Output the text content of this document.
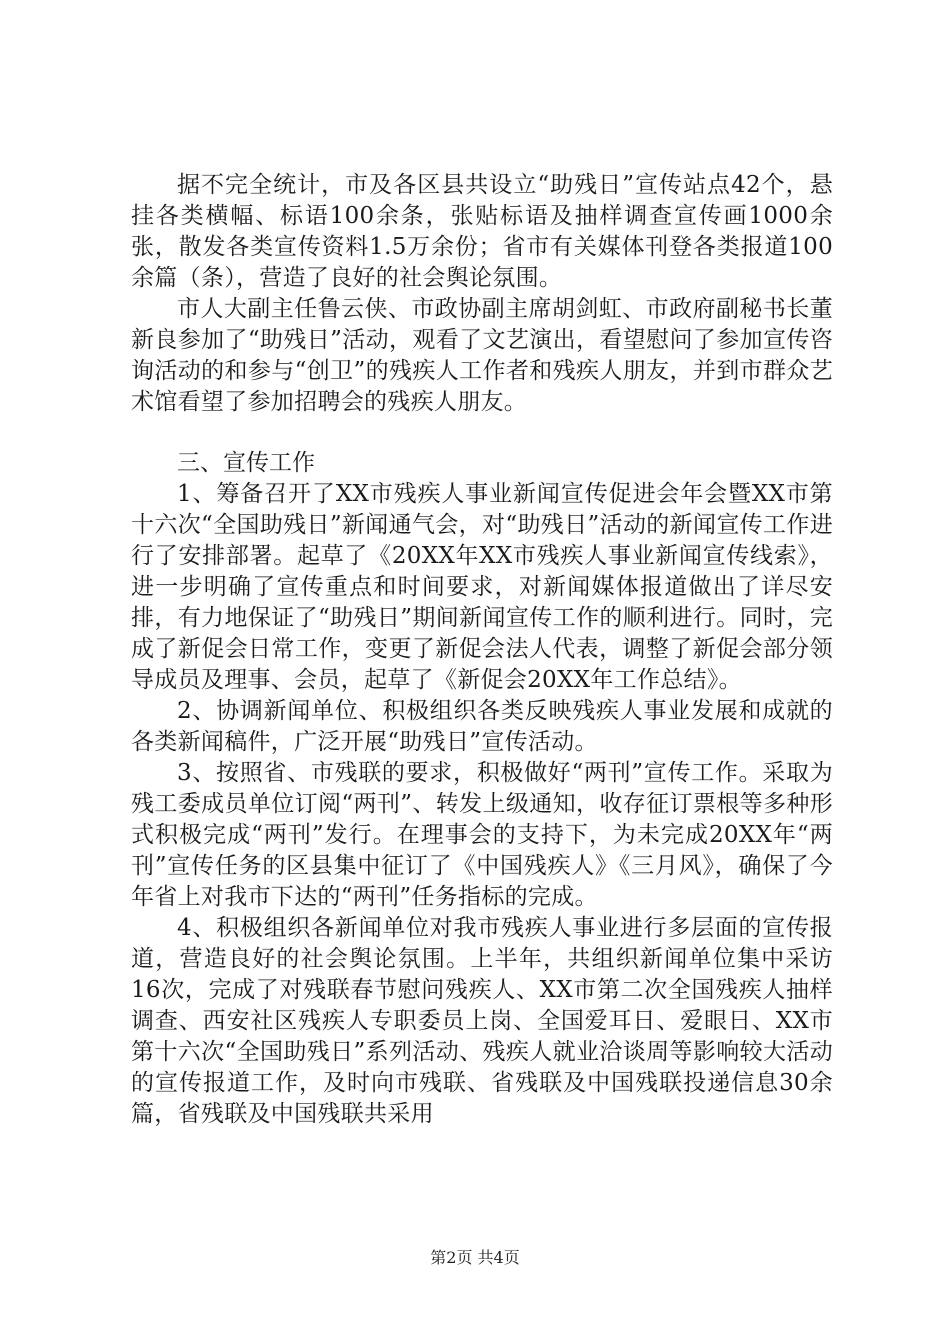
据不完全统计，市及各区县共设立“助残日”宣传站点42个，悬挂各类横幅、标语100余条，张贴标语及抽样调查宣传画1000余张，散发各类宣传资料1.5万余份；省市有关媒体刊登各类报道100余篇（条），营造了良好的社会舆论氛围。

市人大副主任鲁云侠、市政协副主席胡剑虹、市政府副秘书长董新良参加了“助残日”活动，观看了文艺演出，看望慰问了参加宣传咨询活动的和参与“创卫”的残疾人工作者和残疾人朋友，并到市群众艺术馆看望了参加招聘会的残疾人朋友。

三、宣传工作

1、筹备召开了XX市残疾人事业新闻宣传促进会年会暨XX市第十六次“全国助残日”新闻通气会，对“助残日”活动的新闻宣传工作进行了安排部署。起草了《20XX年XX市残疾人事业新闻宣传线索》，进一步明确了宣传重点和时间要求，对新闻媒体报道做出了详尽安排，有力地保证了“助残日”期间新闻宣传工作的顺利进行。同时，完成了新促会日常工作，变更了新促会法人代表，调整了新促会部分领导成员及理事、会员，起草了《新促会20XX年工作总结》。

2、协调新闻单位、积极组织各类反映残疾人事业发展和成就的各类新闻稿件，广泛开展“助残日”宣传活动。

3、按照省、市残联的要求，积极做好“两刊”宣传工作。采取为残工委成员单位订阅“两刊”、转发上级通知，收存征订票根等多种形式积极完成“两刊”发行。在理事会的支持下，为未完成20XX年“两刊”宣传任务的区县集中征订了《中国残疾人》《三月风》，确保了今年省上对我市下达的“两刊”任务指标的完成。

4、积极组织各新闻单位对我市残疾人事业进行多层面的宣传报道，营造良好的社会舆论氛围。上半年，共组织新闻单位集中采访16次，完成了对残联春节慰问残疾人、XX市第二次全国残疾人抽样调查、西安社区残疾人专职委员上岗、全国爱耳日、爱眼日、XX市第十六次“全国助残日”系列活动、残疾人就业洽谈周等影响较大活动的宣传报道工作，及时向市残联、省残联及中国残联投递信息30余篇，省残联及中国残联共采用

第2页 共4页
